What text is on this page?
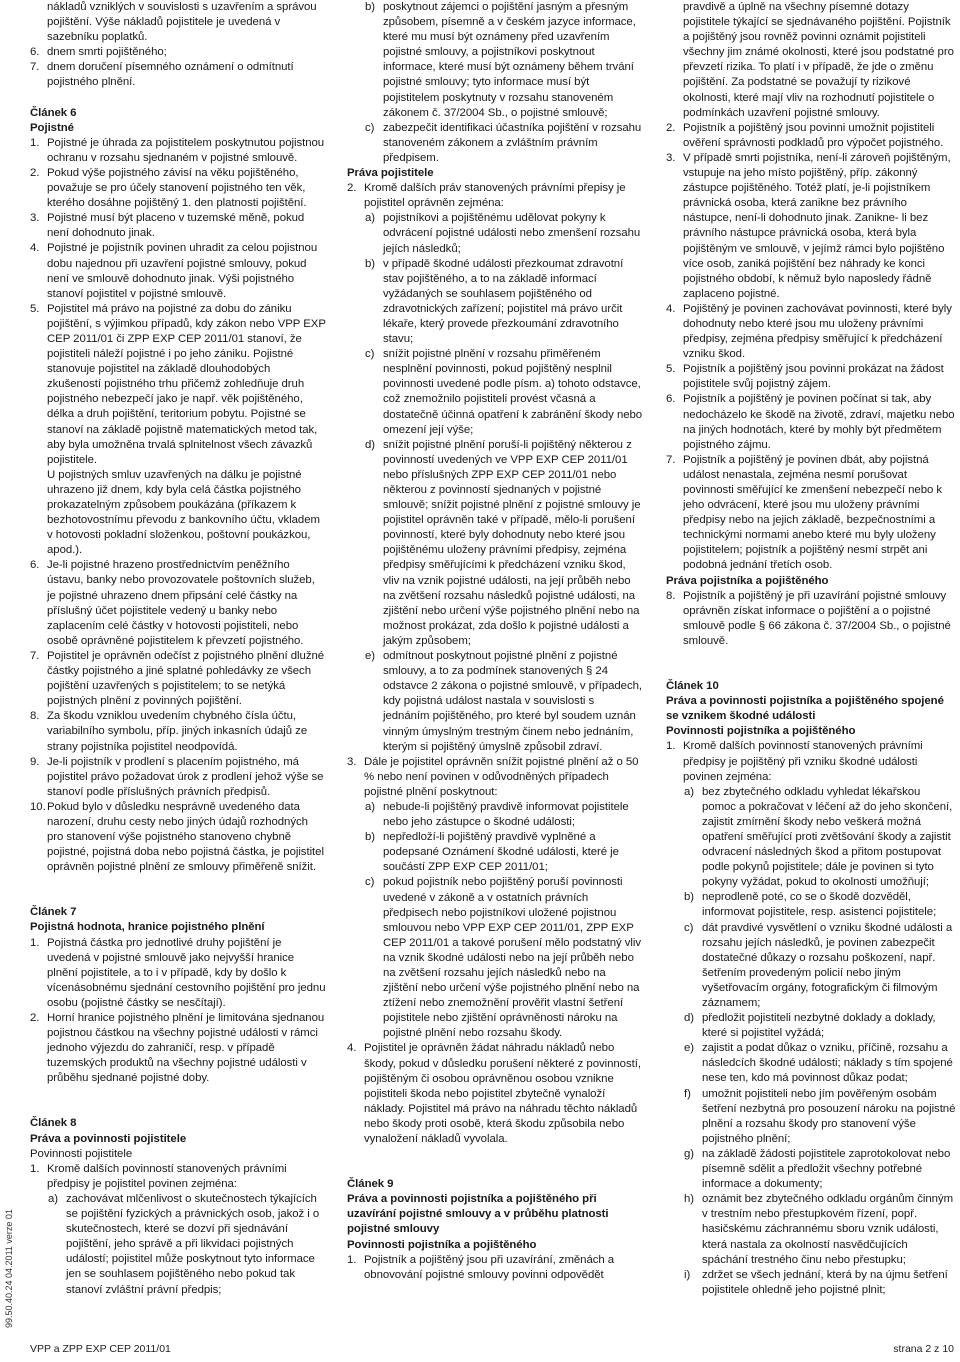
99.50.40.24 04.2011 verze 01

nákladů vzniklých v souvislosti s uzavřením a správou pojištění. Výše nákladů pojistitele je uvedená v sazebníku poplatků.

6. dnem smrti pojištěného;

7. dnem doručení písemného oznámení o odmítnutí pojistného plnění.

Článek 6

Pojistné

1. Pojistné je úhrada za pojistitelem poskytnutou pojistnou ochranu v rozsahu sjednaném v pojistné smlouvě.

2. Pokud výše pojistného závisí na věku pojištěného, považuje se pro účely stanovení pojistného ten věk, kterého dosáhne pojištěný 1. den platnosti pojištění.

3. Pojistné musí být placeno v tuzemské měně, pokud není dohodnuto jinak.

4. Pojistné je pojistník povinen uhradit za celou pojistnou dobu najednou při uzavření pojistné smlouvy, pokud není ve smlouvě dohodnuto jinak. Výši pojistného stanoví pojistitel v pojistné smlouvě.

5. Pojistitel má právo na pojistné za dobu do zániku pojištění, s výjimkou případů, kdy zákon nebo VPP EXP CEP 2011/01 či ZPP EXP CEP 2011/01 stanoví, že pojistiteli náleží pojistné i po jeho zániku. Pojistné stanovuje pojistitel na základě dlouhodobých zkušeností pojistného trhu přičemž zohledňuje druh pojistného nebezpečí jako je např. věk pojištěného, délka a druh pojištění, teritorium pobytu. Pojistné se stanoví na základě pojistně matematických metod tak, aby byla umožněna trvalá splnitelnost všech závazků pojistitele.

U pojistných smluv uzavřených na dálku je pojistné uhrazeno již dnem, kdy byla celá částka pojistného prokazatelným způsobem poukázána (příkazem k bezhotovostnímu převodu z bankovního účtu, vkladem v hotovosti pokladní složenkou, poštovní poukázkou, apod.).

6. Je-li pojistné hrazeno prostřednictvím peněžního ústavu, banky nebo provozovatele poštovních služeb, je pojistné uhrazeno dnem připsání celé částky na příslušný účet pojistitele vedený u banky nebo zaplacením celé částky v hotovosti pojistiteli, nebo osobě oprávněné pojistitelem k převzetí pojistného.

7. Pojistitel je oprávněn odečíst z pojistného plnění dlužné částky pojistného a jiné splatné pohledávky ze všech pojištění uzavřených s pojistitelem; to se netýká pojistných plnění z povinných pojištění.

8. Za škodu vzniklou uvedením chybného čísla účtu, variabilního symbolu, příp. jiných inkasních údajů ze strany pojistníka pojistitel neodpovídá.

9. Je-li pojistník v prodlení s placením pojistného, má pojistitel právo požadovat úrok z prodlení jehož výše se stanoví podle příslušných právních předpisů.

10. Pokud bylo v důsledku nesprávně uvedeného data narození, druhu cesty nebo jiných údajů rozhodných pro stanovení výše pojistného stanoveno chybně pojistné, pojistná doba nebo pojistná částka, je pojistitel oprávněn pojistné plnění ze smlouvy přiměřeně snížit.

Článek 7

Pojistná hodnota, hranice pojistného plnění

1. Pojistná částka pro jednotlivé druhy pojištění je uvedená v pojistné smlouvě jako nejvyšší hranice plnění pojistitele, a to i v případě, kdy by došlo k vícenásobnému sjednání cestovního pojištění pro jednu osobu (pojistné částky se nesčítají).

2. Horní hranice pojistného plnění je limitována sjednanou pojistnou částkou na všechny pojistné události v rámci jednoho výjezdu do zahraničí, resp. v případě tuzemských produktů na všechny pojistné události v průběhu sjednané pojistné doby.

Článek 8

Práva a povinnosti pojistitele

Povinnosti pojistitele

1. Kromě dalších povinností stanovených právními předpisy je pojistitel povinen zejména:

a) zachovávat mlčenlivost o skutečnostech týkajících se pojištění fyzických a právnických osob, jakož i o skutečnostech, které se dozví při sjednávání pojištění, jeho správě a při likvidaci pojistných událostí; pojistitel může poskytnout tyto informace jen se souhlasem pojištěného nebo pokud tak stanoví zvláštní právní předpis;

b) poskytnout zájemci o pojištění jasným a přesným způsobem, písemně a v českém jazyce informace, které mu musí být oznámeny před uzavřením pojistné smlouvy, a pojistníkovi poskytnout informace, které musí být oznámeny během trvání pojistné smlouvy; tyto informace musí být pojistitelem poskytnuty v rozsahu stanoveném zákonem č. 37/2004 Sb., o pojistné smlouvě;

c) zabezpečit identifikaci účastníka pojištění v rozsahu stanoveném zákonem a zvláštním právním předpisem.

Práva pojistitele

2. Kromě dalších práv stanovených právními přepisy je pojistitel oprávněn zejména:

a) pojistníkovi a pojištěnému udělovat pokyny k odvrácení pojistné události nebo zmenšení rozsahu jejích následků;

b) v případě škodné události přezkoumat zdravotní stav pojištěného, a to na základě informací vyžádaných se souhlasem pojištěného od zdravotnických zařízení; pojistitel má právo určit lékaře, který provede přezkoumání zdravotního stavu;

c) snížit pojistné plnění v rozsahu přiměřeném nesplnění povinnosti, pokud pojištěný nesplnil povinnosti uvedené podle písm. a) tohoto odstavce, což znemožnilo pojistiteli provést včasná a dostatečně účinná opatření k zabránění škody nebo omezení její výše;

d) snížit pojistné plnění poruší-li pojištěný některou z povinností uvedených ve VPP EXP CEP 2011/01 nebo příslušných ZPP EXP CEP 2011/01 nebo některou z povinností sjednaných v pojistné smlouvě; snížit pojistné plnění z pojistné smlouvy je pojistitel oprávněn také v případě, mělo-li porušení povinností, které byly dohodnuty nebo které jsou pojištěnému uloženy právními předpisy, zejména předpisy směřujícími k předcházení vzniku škod, vliv na vznik pojistné události, na její průběh nebo na zvětšení rozsahu následků pojistné události, na zjištění nebo určení výše pojistného plnění nebo na možnost prokázat, zda došlo k pojistné události a jakým způsobem;

e) odmítnout poskytnout pojistné plnění z pojistné smlouvy, a to za podmínek stanovených § 24 odstavce 2 zákona o pojistné smlouvě, v případech, kdy pojistná událost nastala v souvislosti s jednáním pojištěného, pro které byl soudem uznán vinným úmyslným trestným činem nebo jednáním, kterým si pojištěný úmyslně způsobil zdraví.

3. Dále je pojistitel oprávněn snížit pojistné plnění až o 50 % nebo není povinen v odůvodněných případech pojistné plnění poskytnout:

a) nebude-li pojištěný pravdivě informovat pojistitele nebo jeho zástupce o škodné události;

b) nepředloží-li pojištěný pravdivě vyplněné a podepsané Oznámení škodné události, které je součástí ZPP EXP CEP 2011/01;

c) pokud pojistník nebo pojištěný poruší povinnosti uvedené v zákoně a v ostatních právních předpisech nebo pojistníkovi uložené pojistnou smlouvou nebo VPP EXP CEP 2011/01, ZPP EXP CEP 2011/01 a takové porušení mělo podstatný vliv na vznik škodné události nebo na její průběh nebo na zvětšení rozsahu jejích následků nebo na zjištění nebo určení výše pojistného plnění nebo na ztížení nebo znemožnění prověřit vlastní šetření pojistitele nebo zjištění oprávněnosti nároku na pojistné plnění nebo rozsahu škody.

4. Pojistitel je oprávněn žádat náhradu nákladů nebo škody, pokud v důsledku porušení některé z povinností, pojištěným či osobou oprávněnou osobou vznikne pojistiteli škoda nebo pojistitel zbytečně vynaloží náklady. Pojistitel má právo na náhradu těchto nákladů nebo škody proti osobě, která škodu způsobila nebo vynaložení nákladů vyvolala.

Článek 9

Práva a povinnosti pojistníka a pojištěného při uzavírání pojistné smlouvy a v průběhu platnosti pojistné smlouvy

Povinnosti pojistníka a pojištěného

1. Pojistník a pojištěný jsou při uzavírání, změnách a obnovování pojistné smlouvy povinni odpovědět

pravdivě a úplně na všechny písemné dotazy pojistitele týkající se sjednávaného pojištění. Pojistník a pojištěný jsou rovněž povinni oznámit pojistiteli všechny jim známé okolnosti, které jsou podstatné pro převzetí rizika. To platí i v případě, že jde o změnu pojištění. Za podstatné se považují ty rizikové okolnosti, které mají vliv na rozhodnutí pojistitele o podmínkách uzavření pojistné smlouvy.

2. Pojistník a pojištěný jsou povinni umožnit pojistiteli ověření správnosti podkladů pro výpočet pojistného.

3. V případě smrti pojistníka, není-li zároveň pojištěným, vstupuje na jeho místo pojištěný, příp. zákonný zástupce pojištěného. Totéž platí, je-li pojistníkem právnická osoba, která zanikne bez právního nástupce, není-li dohodnuto jinak. Zanikne- li bez právního nástupce právnická osoba, která byla pojištěným ve smlouvě, v jejímž rámci bylo pojištěno více osob, zaniká pojištění bez náhrady ke konci pojistného období, k němuž bylo naposledy řádně zaplaceno pojistné.

4. Pojištěný je povinen zachovávat povinnosti, které byly dohodnuty nebo které jsou mu uloženy právními předpisy, zejména předpisy směřující k předcházení vzniku škod.

5. Pojistník a pojištěný jsou povinni prokázat na žádost pojistitele svůj pojistný zájem.

6. Pojistník a pojištěný je povinen počínat si tak, aby nedocházelo ke škodě na životě, zdraví, majetku nebo na jiných hodnotách, které by mohly být předmětem pojistného zájmu.

7. Pojistník a pojištěný je povinen dbát, aby pojistná událost nenastala, zejména nesmí porušovat povinnosti směřující ke zmenšení nebezpečí nebo k jeho odvrácení, které jsou mu uloženy právními předpisy nebo na jejich základě, bezpečnostními a technickými normami anebo které mu byly uloženy pojistitelem; pojistník a pojištěný nesmí strpět ani podobná jednání třetích osob.

Práva pojistníka a pojištěného

8. Pojistník a pojištěný je při uzavírání pojistné smlouvy oprávněn získat informace o pojištění a o pojistné smlouvě podle § 66 zákona č. 37/2004 Sb., o pojistné smlouvě.

Článek 10

Práva a povinnosti pojistníka a pojištěného spojené se vznikem škodné události

Povinnosti pojistníka a pojištěného

1. Kromě dalších povinností stanovených právními předpisy je pojištěný při vzniku škodné události povinen zejména:

a) bez zbytečného odkladu vyhledat lékařskou pomoc a pokračovat v léčení až do jeho skončení, zajistit zmírnění škody nebo veškerá možná opatření směřující proti zvětšování škody a zajistit odvracení následných škod a přitom postupovat podle pokynů pojistitele; dále je povinen si tyto pokyny vyžádat, pokud to okolnosti umožňují;

b) neprodleně poté, co se o škodě dozvěděl, informovat pojistitele, resp. asistenci pojistitele;

c) dát pravdivé vysvětlení o vzniku škodné události a rozsahu jejích následků, je povinen zabezpečit dostatečné důkazy o rozsahu poškození, např. šetřením provedeným policií nebo jiným vyšetřovacím orgány, fotografickým či filmovým záznamem;

d) předložit pojistiteli nezbytné doklady a doklady, které si pojistitel vyžádá;

e) zajistit a podat důkaz o vzniku, příčině, rozsahu a následcích škodné události; náklady s tím spojené nese ten, kdo má povinnost důkaz podat;

f) umožnit pojistiteli nebo jím pověřeným osobám šetření nezbytná pro posouzení nároku na pojistné plnění a rozsahu škody pro stanovení výše pojistného plnění;

g) na základě žádosti pojistitele zaprotokolovat nebo písemně sdělit a předložit všechny potřebné informace a dokumenty;

h) oznámit bez zbytečného odkladu orgánům činným v trestním nebo přestupkovém řízení, popř. hasičskému záchrannému sboru vznik události, která nastala za okolností nasvědčujících spáchání trestného činu nebo přestupku;

i) zdržet se všech jednání, která by na újmu šetření pojistitele ohledně jeho pojistné plnit;

VPP a ZPP EXP CEP 2011/01	strana 2 z 10
